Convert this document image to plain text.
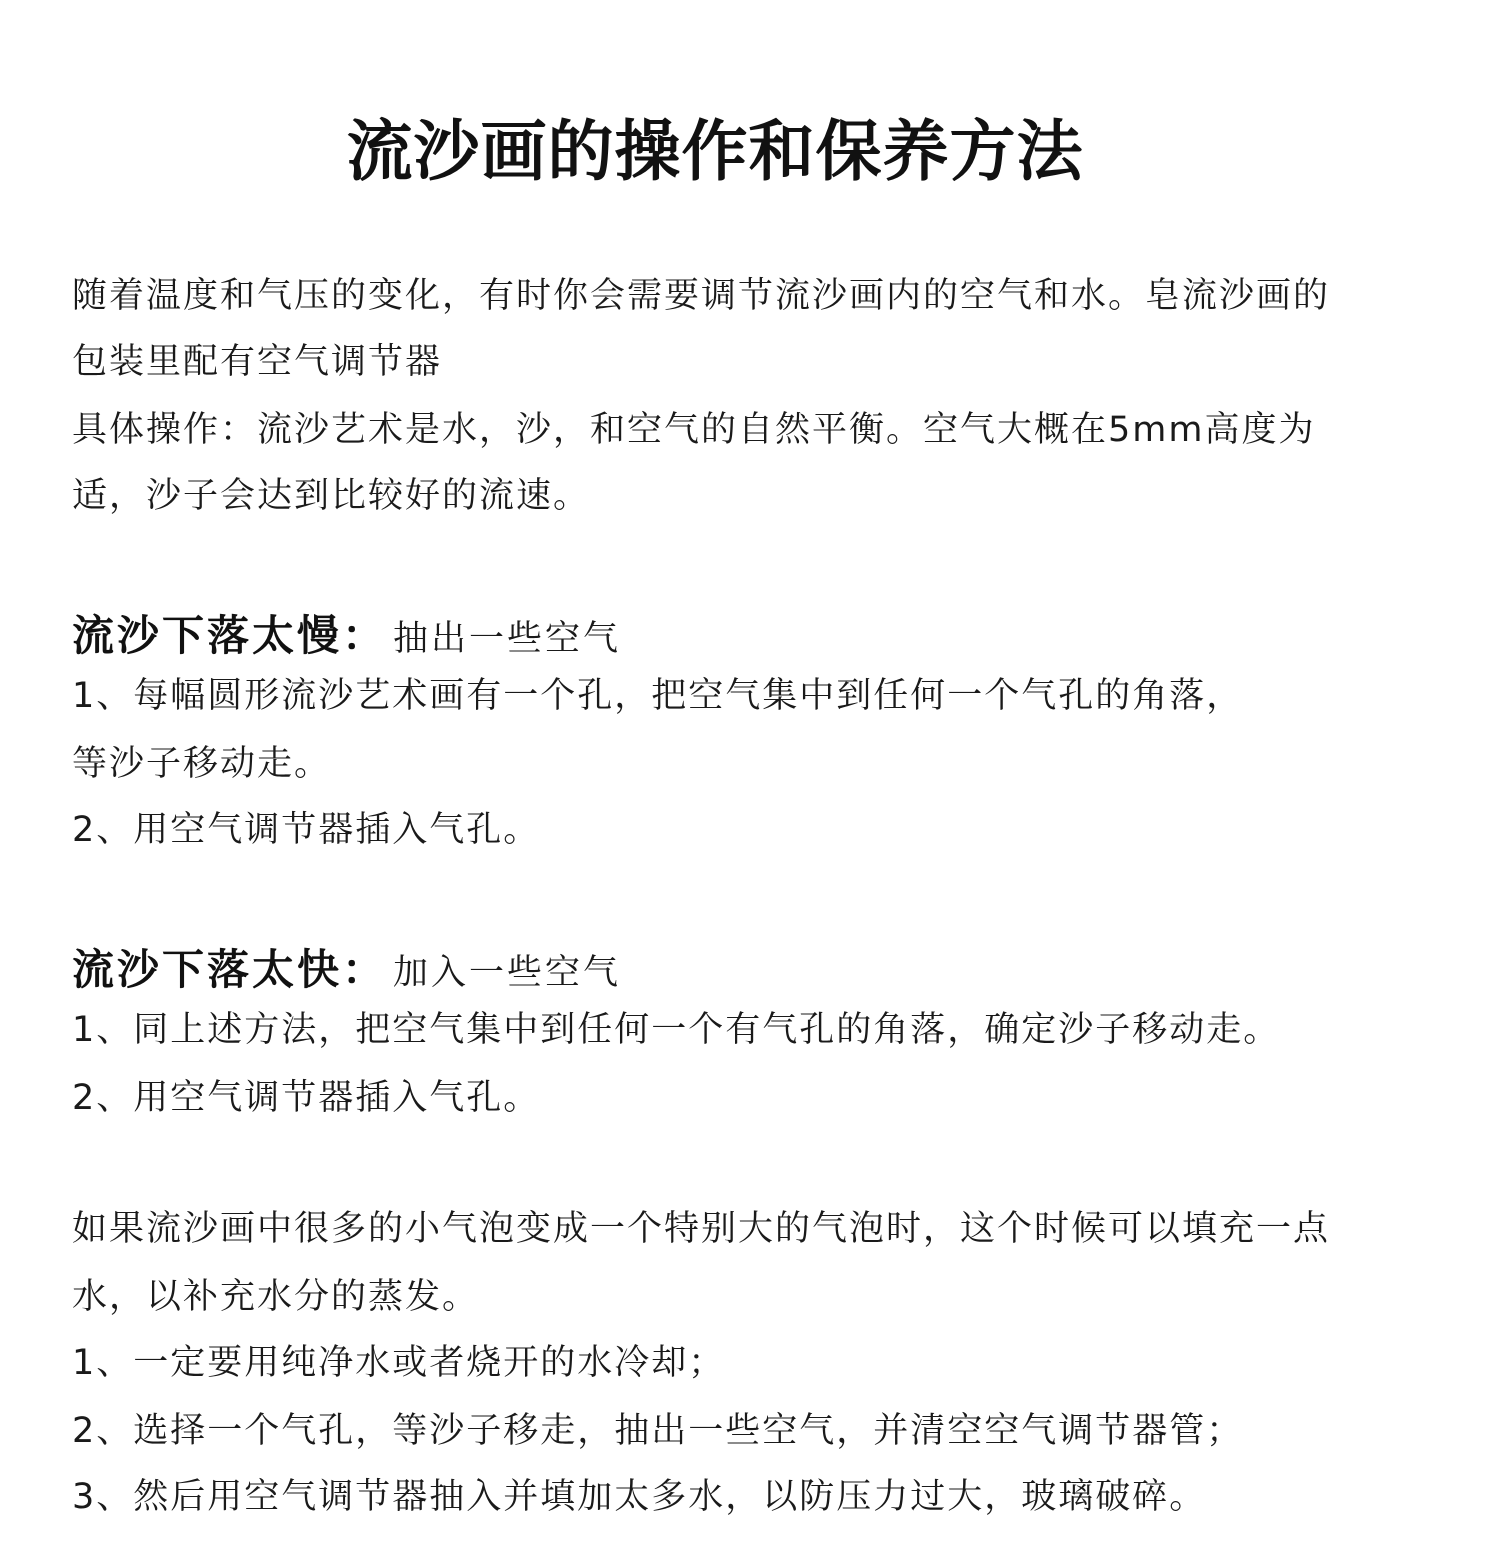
流沙画的操作和保养方法
随着温度和气压的变化，有时你会需要调节流沙画内的空气和水。皂流沙画的
包装里配有空气调节器
具体操作：流沙艺术是水，沙，和空气的自然平衡。空气大概在5mm高度为
适，沙子会达到比较好的流速。
流沙下落太慢： 抽出一些空气
1、每幅圆形流沙艺术画有一个孔，把空气集中到任何一个气孔的角落，
等沙子移动走。
2、用空气调节器插入气孔。
流沙下落太快： 加入一些空气
1、同上述方法，把空气集中到任何一个有气孔的角落，确定沙子移动走。
2、用空气调节器插入气孔。
如果流沙画中很多的小气泡变成一个特别大的气泡时，这个时候可以填充一点
水，以补充水分的蒸发。
1、一定要用纯净水或者烧开的水冷却；
2、选择一个气孔，等沙子移走，抽出一些空气，并清空空气调节器管；
3、然后用空气调节器抽入并填加太多水，以防压力过大，玻璃破碎。
